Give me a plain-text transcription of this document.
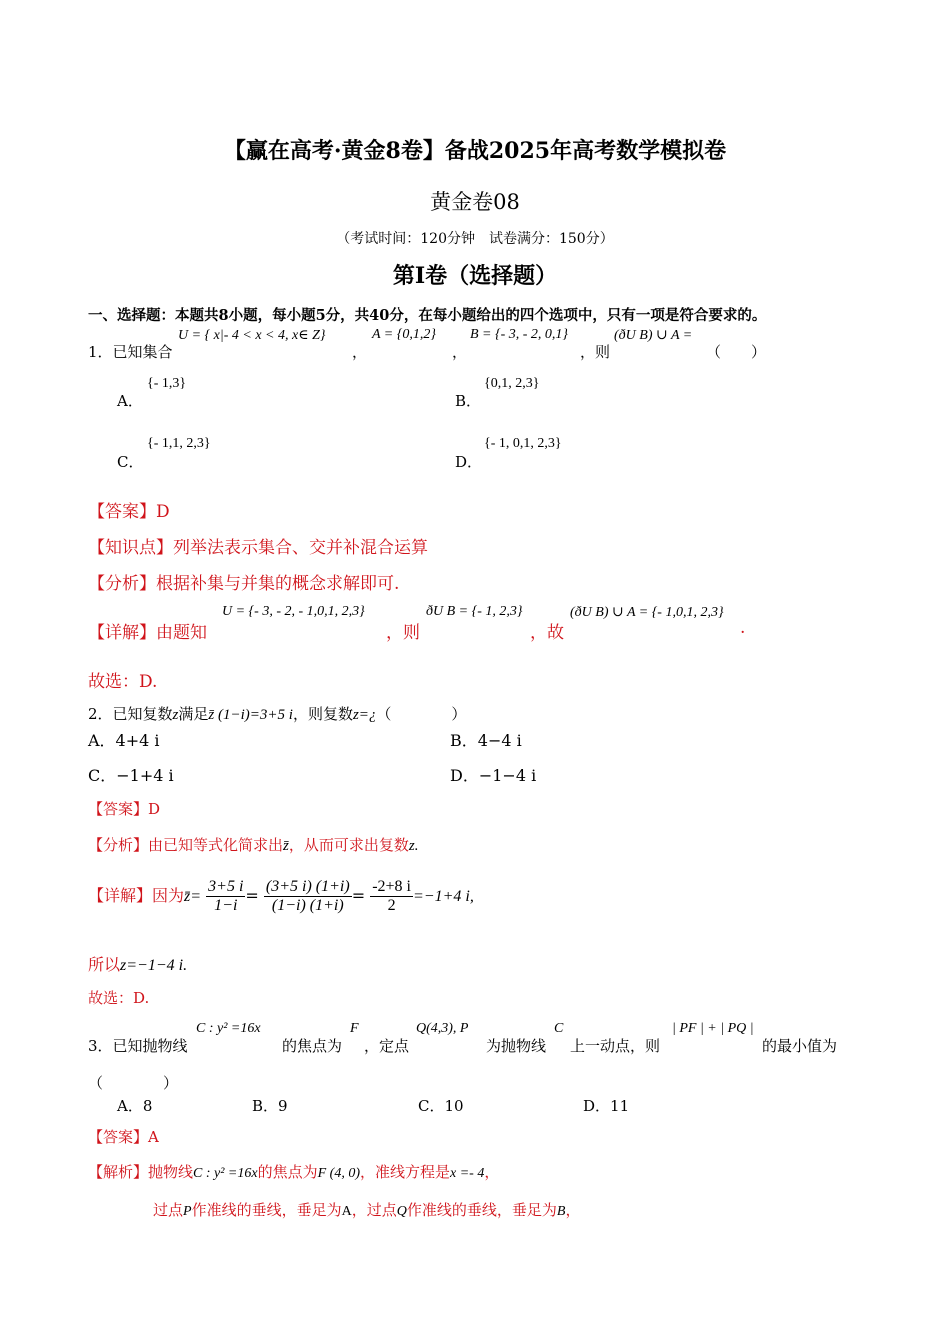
【赢在高考·黄金8卷】备战2025年高考数学模拟卷
黄金卷08
（考试时间：120分钟　试卷满分：150分）
第I卷（选择题）
一、选择题：本题共8小题，每小题5分，共40分，在每小题给出的四个选项中，只有一项是符合要求的。
1．已知集合
U = { x|- 4 < x < 4, x∈ Z}
，
A = {0,1,2}
，
B = {- 3, - 2, 0,1}
，则
(ðU B) ∪ A =
（　　）
A．
{- 1,3}
B．
{0,1, 2,3}
C．
{- 1,1, 2,3}
D．
{- 1, 0,1, 2,3}
【答案】D
【知识点】列举法表示集合、交并补混合运算
【分析】根据补集与并集的概念求解即可.
【详解】由题知
U = {- 3, - 2, - 1,0,1, 2,3}
，则
ðU B = {- 1, 2,3}
，故
(ðU B) ∪ A = {- 1,0,1, 2,3}
.
故选：D.
2．已知复数z满足z̄ (1−i)=3+5 i，则复数z=¿（　　　　）
A．4+4 i	B．4−4 i
C．−1+4 i	D．−1−4 i
【答案】D
【分析】由已知等式化简求出z̄，从而可求出复数z.
【详解】因为z̄= $\frac{3+5 i}{1-i} = \frac{(3+5 i) (1+i)}{(1-i) (1+i)} = \frac{-2+8 i}{2} =-1+4$ i,
所以z=−1−4 i.
故选：D.
3．已知抛物线
C : y² =16x
的焦点为
F
，定点
Q(4,3), P
为抛物线
C
上一动点，则
| PF | + | PQ |
的最小值为
（　　　　）
A．8	B．9	C．10	D．11
【答案】A
【解析】抛物线C : y² =16x的焦点为F (4, 0)，准线方程是x =- 4，
过点P作准线的垂线，垂足为A，过点Q作准线的垂线，垂足为B，
